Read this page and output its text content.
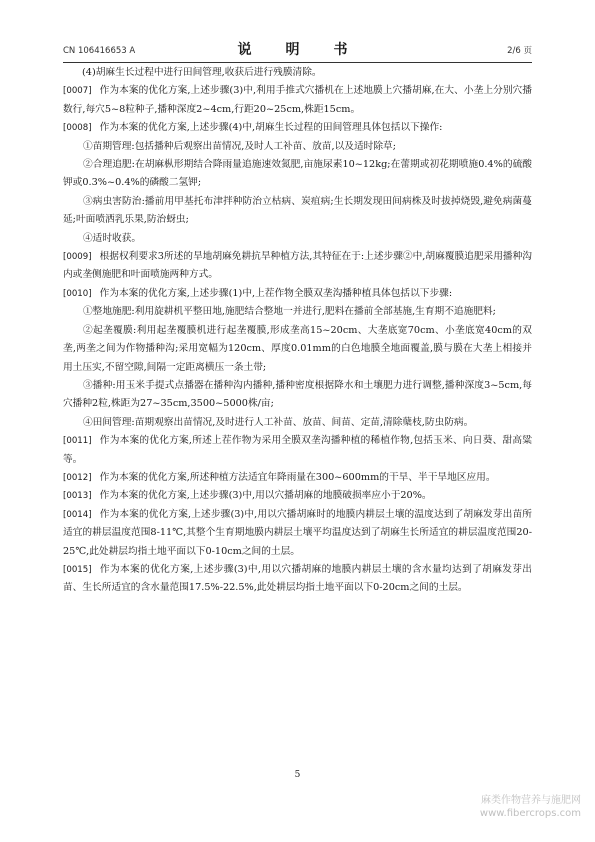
CN 106416653 A	说　明　书	2/6 页

(4)胡麻生长过程中进行田间管理,收获后进行残膜清除。

[0007] 作为本案的优化方案,上述步骤(3)中,利用手推式穴播机在上述地膜上穴播胡麻,在大、小垄上分别穴播数行,每穴5~8粒种子,播种深度2~4cm,行距20~25cm,株距15cm。

[0008] 作为本案的优化方案,上述步骤(4)中,胡麻生长过程的田间管理具体包括以下操作:

①苗期管理:包括播种后观察出苗情况,及时人工补苗、放苗,以及适时除草;

②合理追肥:在胡麻枞形期结合降雨量追施速效氮肥,亩施尿素10~12kg;在蕾期或初花期喷施0.4%的硫酸钾或0.3%~0.4%的磷酸二氢钾;

③病虫害防治:播前用甲基托布津拌种防治立枯病、炭疽病;生长期发现田间病株及时拔掉烧毁,避免病菌蔓延;叶面喷洒乳乐果,防治蚜虫;

④适时收获。

[0009] 根据权利要求3所述的旱地胡麻免耕抗旱种植方法,其特征在于:上述步骤②中,胡麻覆膜追肥采用播种沟内或垄侧施肥和叶面喷施两种方式。

[0010] 作为本案的优化方案,上述步骤(1)中,上茬作物全膜双垄沟播种植具体包括以下步骤:

①整地施肥:利用旋耕机平整田地,施肥结合整地一并进行,肥料在播前全部基施,生育期不追施肥料;

②起垄覆膜:利用起垄覆膜机进行起垄覆膜,形成垄高15~20cm、大垄底宽70cm、小垄底宽40cm的双垄,两垄之间为作物播种沟;采用宽幅为120cm、厚度0.01mm的白色地膜全地面覆盖,膜与膜在大垄上相接并用土压实,不留空隙,间隔一定距离横压一条土带;

③播种:用玉米手提式点播器在播种沟内播种,播种密度根据降水和土壤肥力进行调整,播种深度3~5cm,每穴播种2粒,株距为27~35cm,3500~5000株/亩;

④田间管理:苗期观察出苗情况,及时进行人工补苗、放苗、间苗、定苗,清除蘖枝,防虫防病。

[0011] 作为本案的优化方案,所述上茬作物为采用全膜双垄沟播种植的稀植作物,包括玉米、向日葵、甜高粱等。

[0012] 作为本案的优化方案,所述种植方法适宜年降雨量在300~600mm的干旱、半干旱地区应用。

[0013] 作为本案的优化方案,上述步骤(3)中,用以穴播胡麻的地膜破损率应小于20%。

[0014] 作为本案的优化方案,上述步骤(3)中,用以穴播胡麻时的地膜内耕层土壤的温度达到了胡麻发芽出苗所适宜的耕层温度范围8-11℃,其整个生育期地膜内耕层土壤平均温度达到了胡麻生长所适宜的耕层温度范围20-25℃,此处耕层均指土地平面以下0-10cm之间的土层。

[0015] 作为本案的优化方案,上述步骤(3)中,用以穴播胡麻的地膜内耕层土壤的含水量均达到了胡麻发芽出苗、生长所适宜的含水量范围17.5%-22.5%,此处耕层均指土地平面以下0-20cm之间的土层。

5
麻类作物营养与施肥网
www.fibercrops.com
